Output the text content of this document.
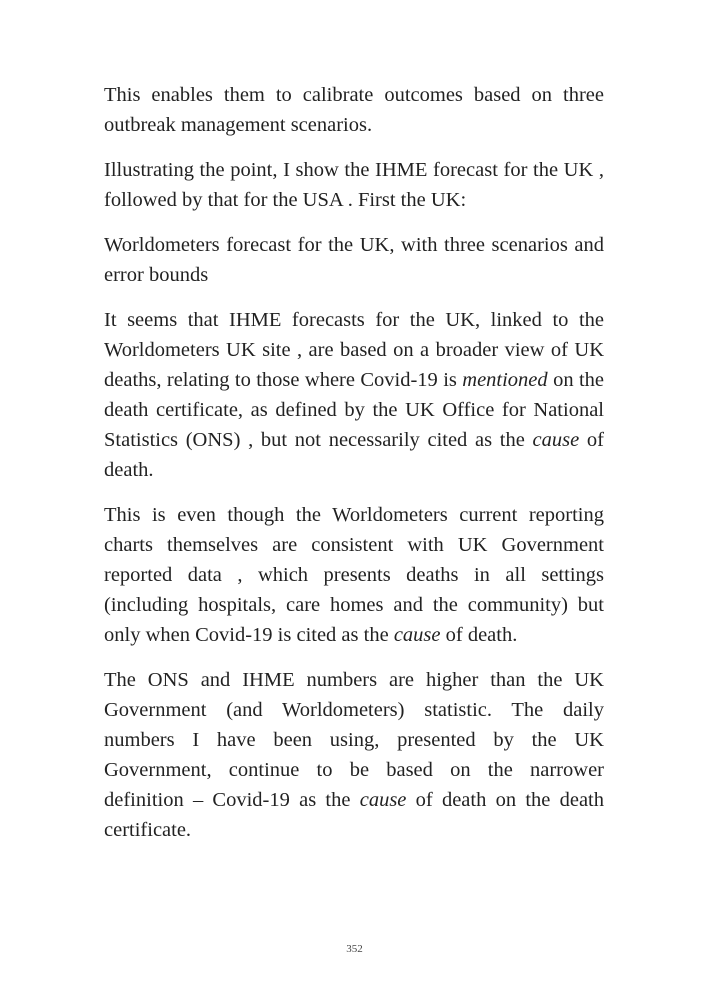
This enables them to calibrate outcomes based on three outbreak management scenarios.

Illustrating the point, I show the IHME forecast for the UK , followed by that for the USA . First the UK:

Worldometers forecast for the UK, with three scenarios and error bounds

It seems that IHME forecasts for the UK, linked to the Worldometers UK site , are based on a broader view of UK deaths, relating to those where Covid-19 is mentioned on the death certificate, as defined by the UK Office for National Statistics (ONS) , but not necessarily cited as the cause of death.

This is even though the Worldometers current reporting charts themselves are consistent with UK Government reported data , which presents deaths in all settings (including hospitals, care homes and the community) but only when Covid-19 is cited as the cause of death.

The ONS and IHME numbers are higher than the UK Government (and Worldometers) statistic. The daily numbers I have been using, presented by the UK Government, continue to be based on the narrower definition – Covid-19 as the cause of death on the death certificate.

352
